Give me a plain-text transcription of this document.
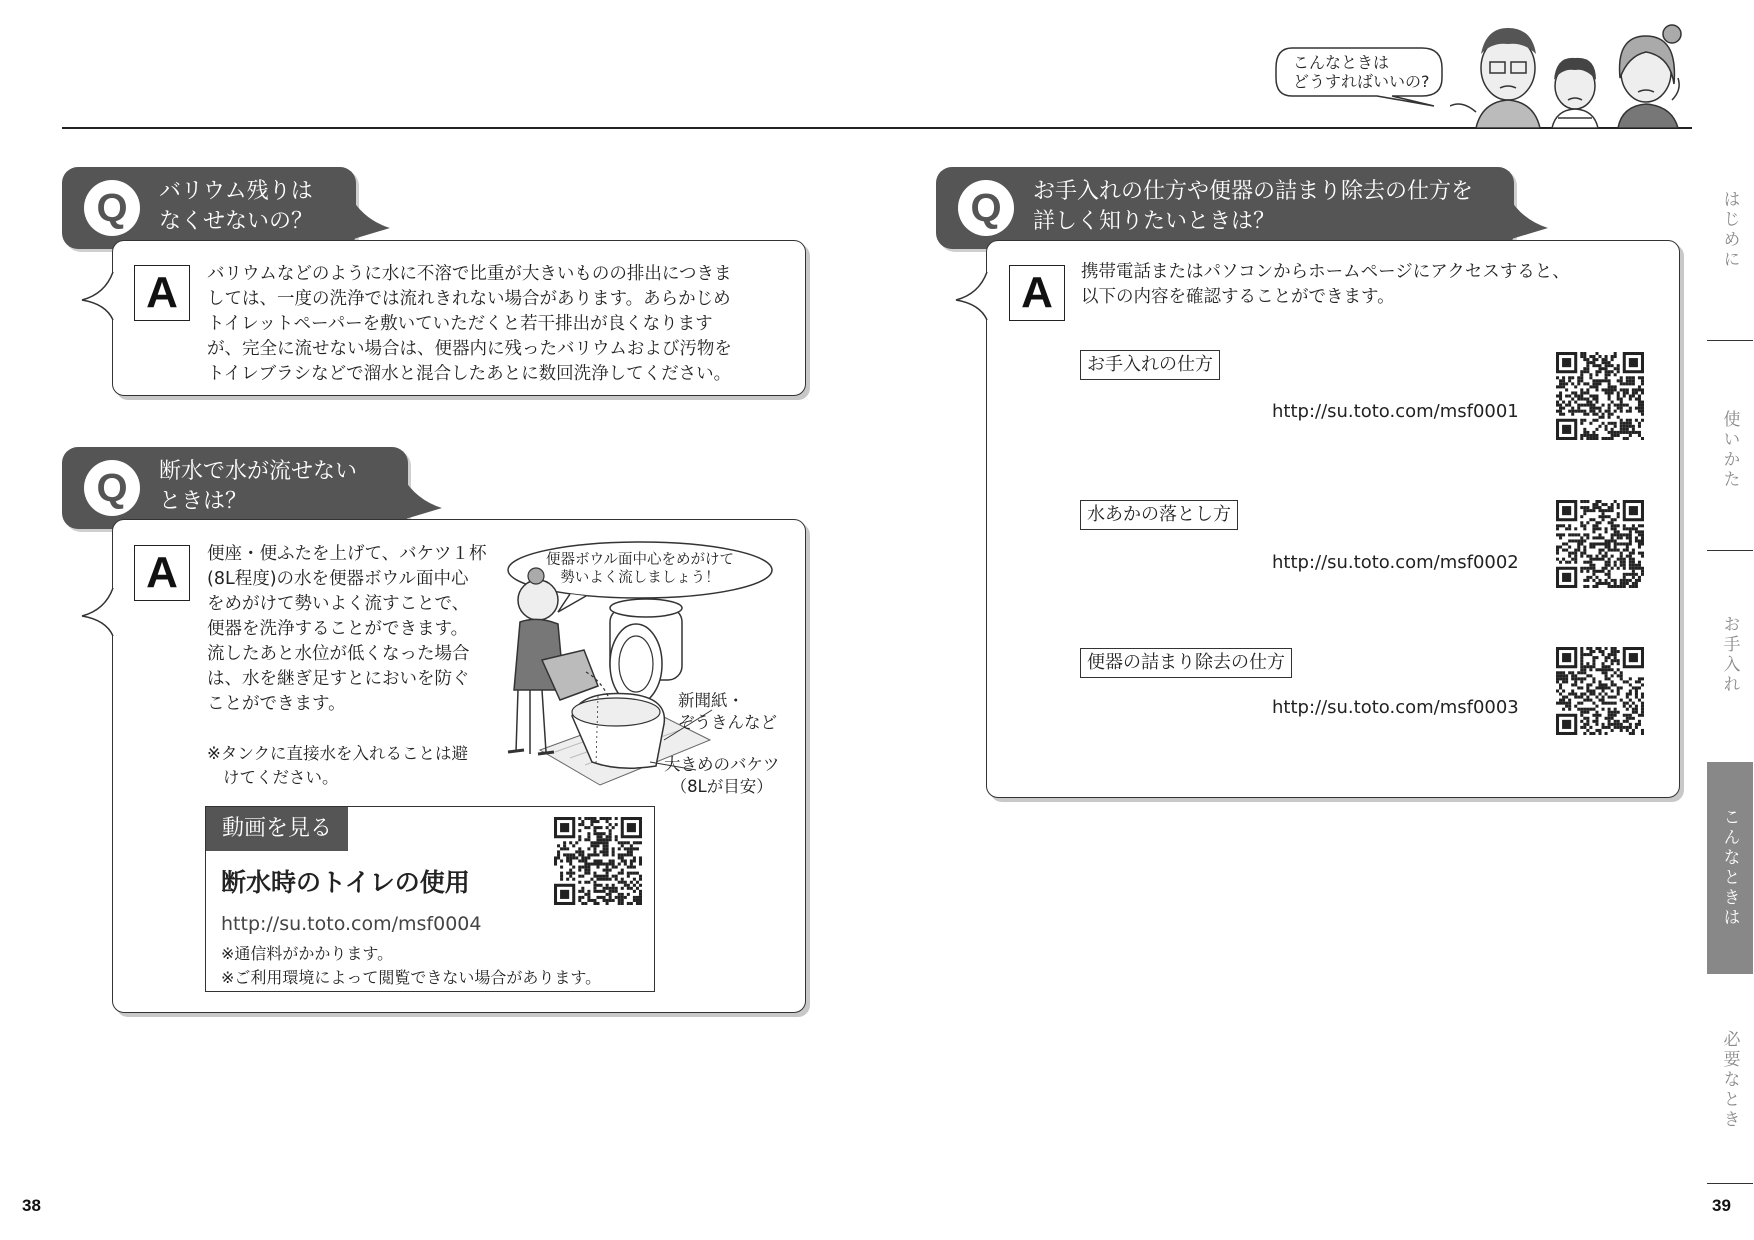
こんなときは
どうすればいいの?
Q	バリウム残りは
なくせないの？
A	バリウムなどのように水に不溶で比重が大きいものの排出につきま
しては、一度の洗浄では流れきれない場合があります。あらかじめ
トイレットペーパーを敷いていただくと若干排出が良くなります
が、完全に流せない場合は、便器内に残ったバリウムおよび汚物を
トイレブラシなどで溜水と混合したあとに数回洗浄してください。
Q	断水で水が流せない
ときは？
A	便座・便ふたを上げて、バケツ１杯
(8L程度)の水を便器ボウル面中心
をめがけて勢いよく流すことで、
便器を洗浄することができます。
流したあと水位が低くなった場合
は、水を継ぎ足すとにおいを防ぐ
ことができます。
※タンクに直接水を入れることは避
けてください。
便器ボウル面中心をめがけて
勢いよく流しましょう！
新聞紙・
ぞうきんなど
大きめのバケツ
（8Lが目安）
動画を見る
断水時のトイレの使用
http://su.toto.com/msf0004
※通信料がかかります。
※ご利用環境によって閲覧できない場合があります。
Q	お手入れの仕方や便器の詰まり除去の仕方を
詳しく知りたいときは？
A	携帯電話またはパソコンからホームページにアクセスすると、
以下の内容を確認することができます。
お手入れの仕方
http://su.toto.com/msf0001
水あかの落とし方
http://su.toto.com/msf0002
便器の詰まり除去の仕方
http://su.toto.com/msf0003
はじめに
使いかた
お手入れ
こんなときは
必要なとき
38	39
